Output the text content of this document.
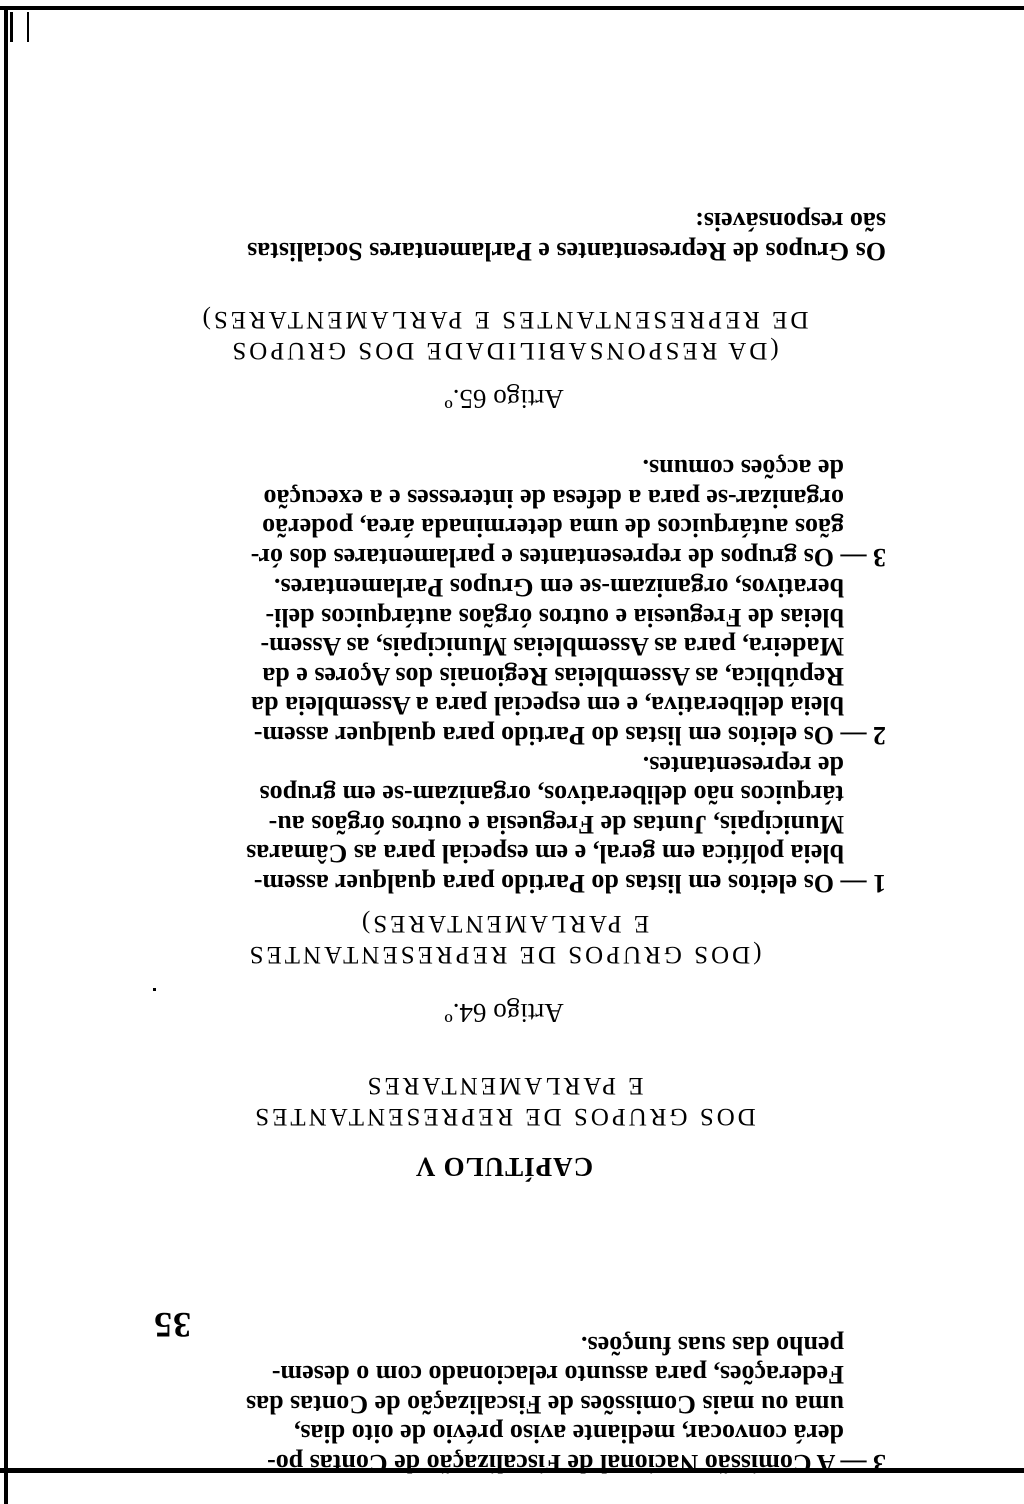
3 — A Comissão Nacional de Fiscalização de Contas po-
derá convocar, mediante aviso prévio de oito dias,
uma ou mais Comissões de Fiscalização de Contas das
Federações, para assunto relacionado com o desem-
penho das suas funções.
CAPÍTULO V
DOS GRUPOS DE REPRESENTANTES
E PARLAMENTARES
Artigo 64.º
(DOS GRUPOS DE REPRESENTANTES
E PARLAMENTARES)
1 — Os eleitos em listas do Partido para qualquer assem-
bleia política em geral, e em especial para as Câmaras
Municipais, Juntas de Freguesia e outros órgãos au-
tárquicos não deliberativos, organizam-se em grupos
de representantes.
2 — Os eleitos em listas do Partido para qualquer assem-
bleia deliberativa, e em especial para a Assembleia da
República, as Assembleias Regionais dos Açores e da
Madeira, para as Assembleias Municipais, as Assem-
bleias de Freguesia e outros órgãos autárquicos deli-
berativos, organizam-se em Grupos Parlamentares.
3 — Os grupos de representantes e parlamentares dos ór-
gãos autárquicos de uma determinada área, poderão
organizar-se para a defesa de interesses e a execução
de acções comuns.
Artigo 65.º
(DA RESPONSABILIDADE DOS GRUPOS
DE REPRESENTANTES E PARLAMENTARES)
Os Grupos de Representantes e Parlamentares Socialistas
são responsáveis:
35
